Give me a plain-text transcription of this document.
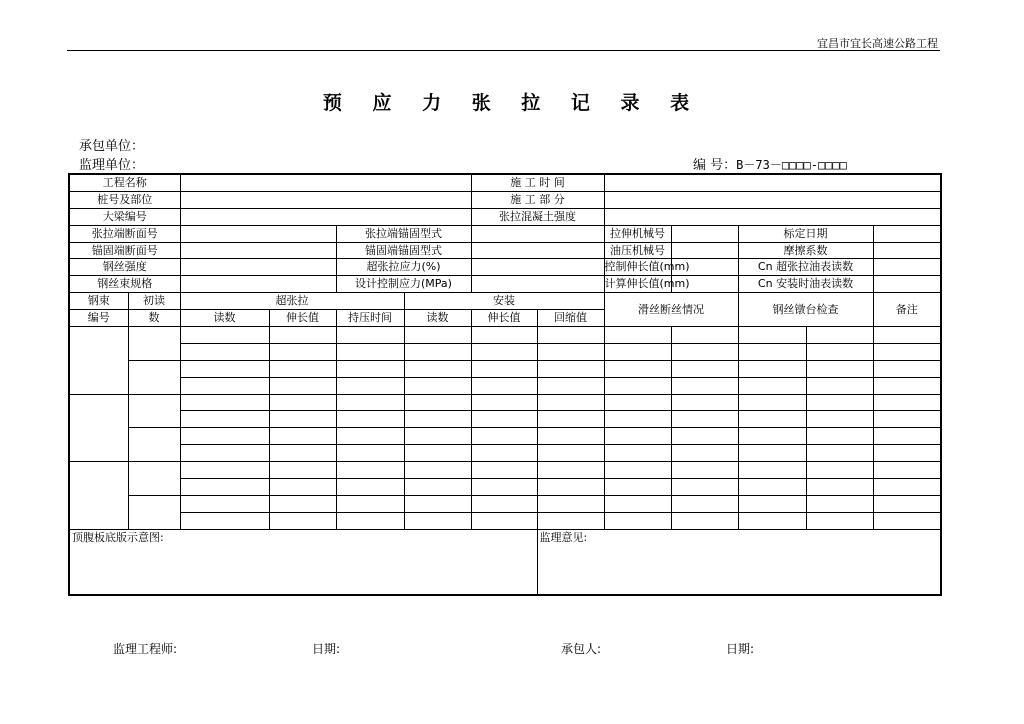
宜昌市宜长高速公路工程
预 应 力 张 拉 记 录 表
承包单位：
监理单位：	编 号：B－73－□□□□-□□□□
工程名称						施 工 时 间						
桩号及部位						施 工 部 分						
大梁编号						张拉混凝土强度						
张拉端断面号				张拉端锚固型式				拉伸机械号		标定日期		
锚固端断面号				锚固端锚固型式				油压机械号		摩擦系数		
钢丝强度				超张拉应力(%)				控制伸长值(mm)		Cn 超张拉油表读数		
钢丝束规格				设计控制应力(MPa)				计算伸长值(mm)		Cn 安装时油表读数		
钢束	初读	超张拉			安装			滑丝断丝情况		钢丝镦台检查		备注
编号	数	读数	伸长值	持压时间	读数	伸长值	回缩值					

顶腹板底版示意图:							监理意见:					
监理工程师:	日期:	承包人:	日期:
